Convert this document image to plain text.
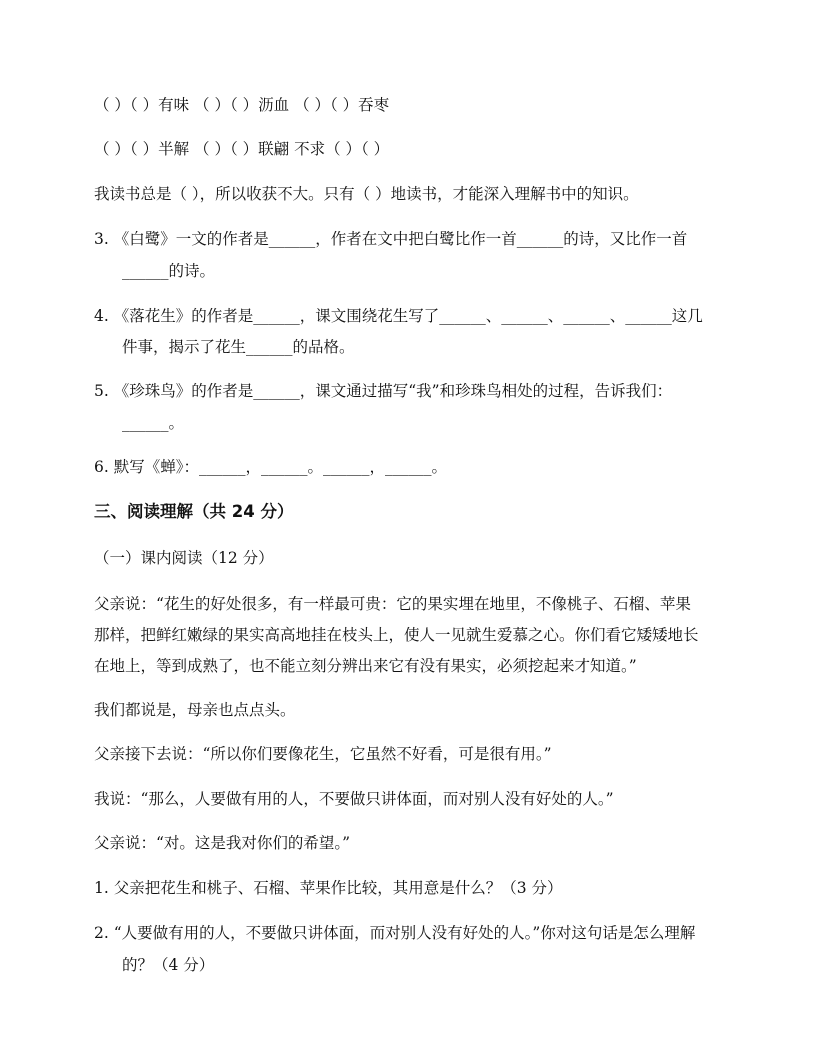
（ ）（ ）有味 （ ）（ ）沥血 （ ）（ ）吞枣
（ ）（ ）半解 （ ）（ ）联翩 不求（ ）（ ）
我读书总是（ ），所以收获不大。只有（ ）地读书，才能深入理解书中的知识。
3. 《白鹭》一文的作者是______，作者在文中把白鹭比作一首______的诗，又比作一首
______的诗。
4. 《落花生》的作者是______，课文围绕花生写了______、______、______、______这几
件事，揭示了花生______的品格。
5. 《珍珠鸟》的作者是______，课文通过描写“我”和珍珠鸟相处的过程，告诉我们：
______。
6. 默写《蝉》：______，______。______，______。
三、阅读理解（共 24 分）
（一）课内阅读（12 分）
父亲说：“花生的好处很多，有一样最可贵：它的果实埋在地里，不像桃子、石榴、苹果
那样，把鲜红嫩绿的果实高高地挂在枝头上，使人一见就生爱慕之心。你们看它矮矮地长
在地上，等到成熟了，也不能立刻分辨出来它有没有果实，必须挖起来才知道。”
我们都说是，母亲也点点头。
父亲接下去说：“所以你们要像花生，它虽然不好看，可是很有用。”
我说：“那么，人要做有用的人，不要做只讲体面，而对别人没有好处的人。”
父亲说：“对。这是我对你们的希望。”
1. 父亲把花生和桃子、石榴、苹果作比较，其用意是什么？（3 分）
2. “人要做有用的人，不要做只讲体面，而对别人没有好处的人。”你对这句话是怎么理解
的？（4 分）
